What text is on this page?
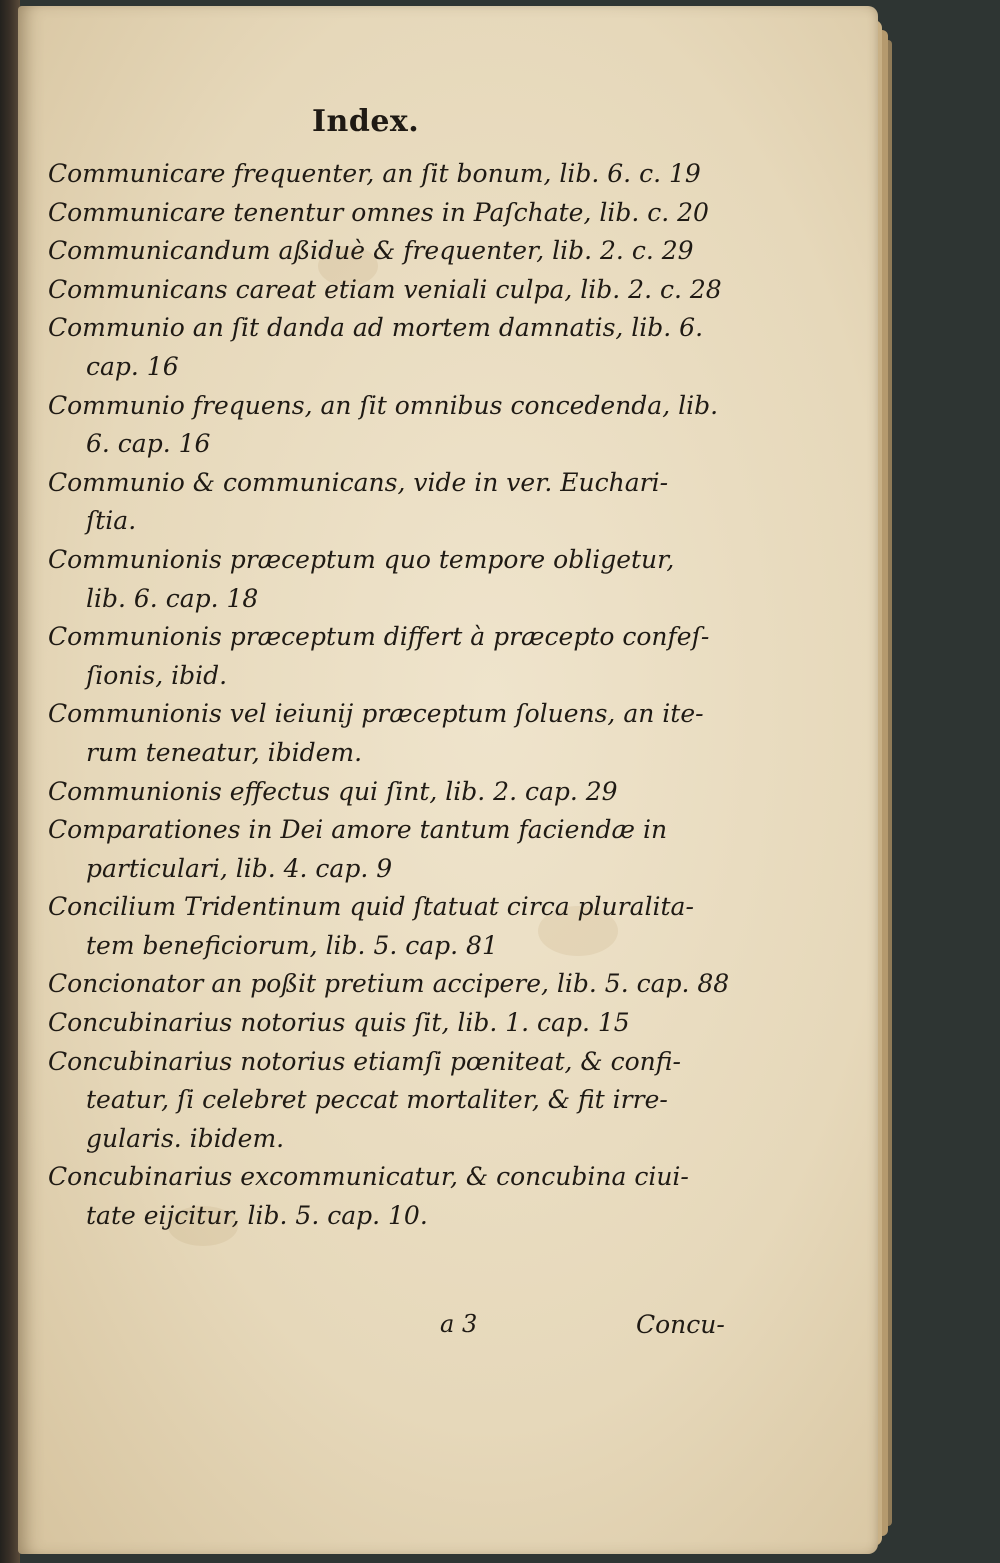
Index.
Communicare frequenter, an ſit bonum, lib. 6. c. 19
Communicare tenentur omnes in Paſchate, lib. c. 20
Communicandum aßiduè & frequenter, lib. 2. c. 29
Communicans careat etiam veniali culpa, lib. 2. c. 28
Communio an ſit danda ad mortem damnatis, lib. 6.
cap. 16
Communio frequens, an ſit omnibus concedenda, lib.
6. cap. 16
Communio & communicans, vide in ver. Euchari-
ſtia.
Communionis præceptum quo tempore obligetur,
lib. 6. cap. 18
Communionis præceptum differt à præcepto confeſ-
ſionis, ibid.
Communionis vel ieiunij præceptum ſoluens, an ite-
rum teneatur, ibidem.
Communionis effectus qui ſint, lib. 2. cap. 29
Comparationes in Dei amore tantum faciendæ in
particulari, lib. 4. cap. 9
Concilium Tridentinum quid ſtatuat circa pluralita-
tem beneficiorum, lib. 5. cap. 81
Concionator an poßit pretium accipere, lib. 5. cap. 88
Concubinarius notorius quis ſit, lib. 1. cap. 15
Concubinarius notorius etiamſi pœniteat, & confi-
teatur, ſi celebret peccat mortaliter, & fit irre-
gularis. ibidem.
Concubinarius excommunicatur, & concubina ciui-
tate eijcitur, lib. 5. cap. 10.
a 3	Concu-
